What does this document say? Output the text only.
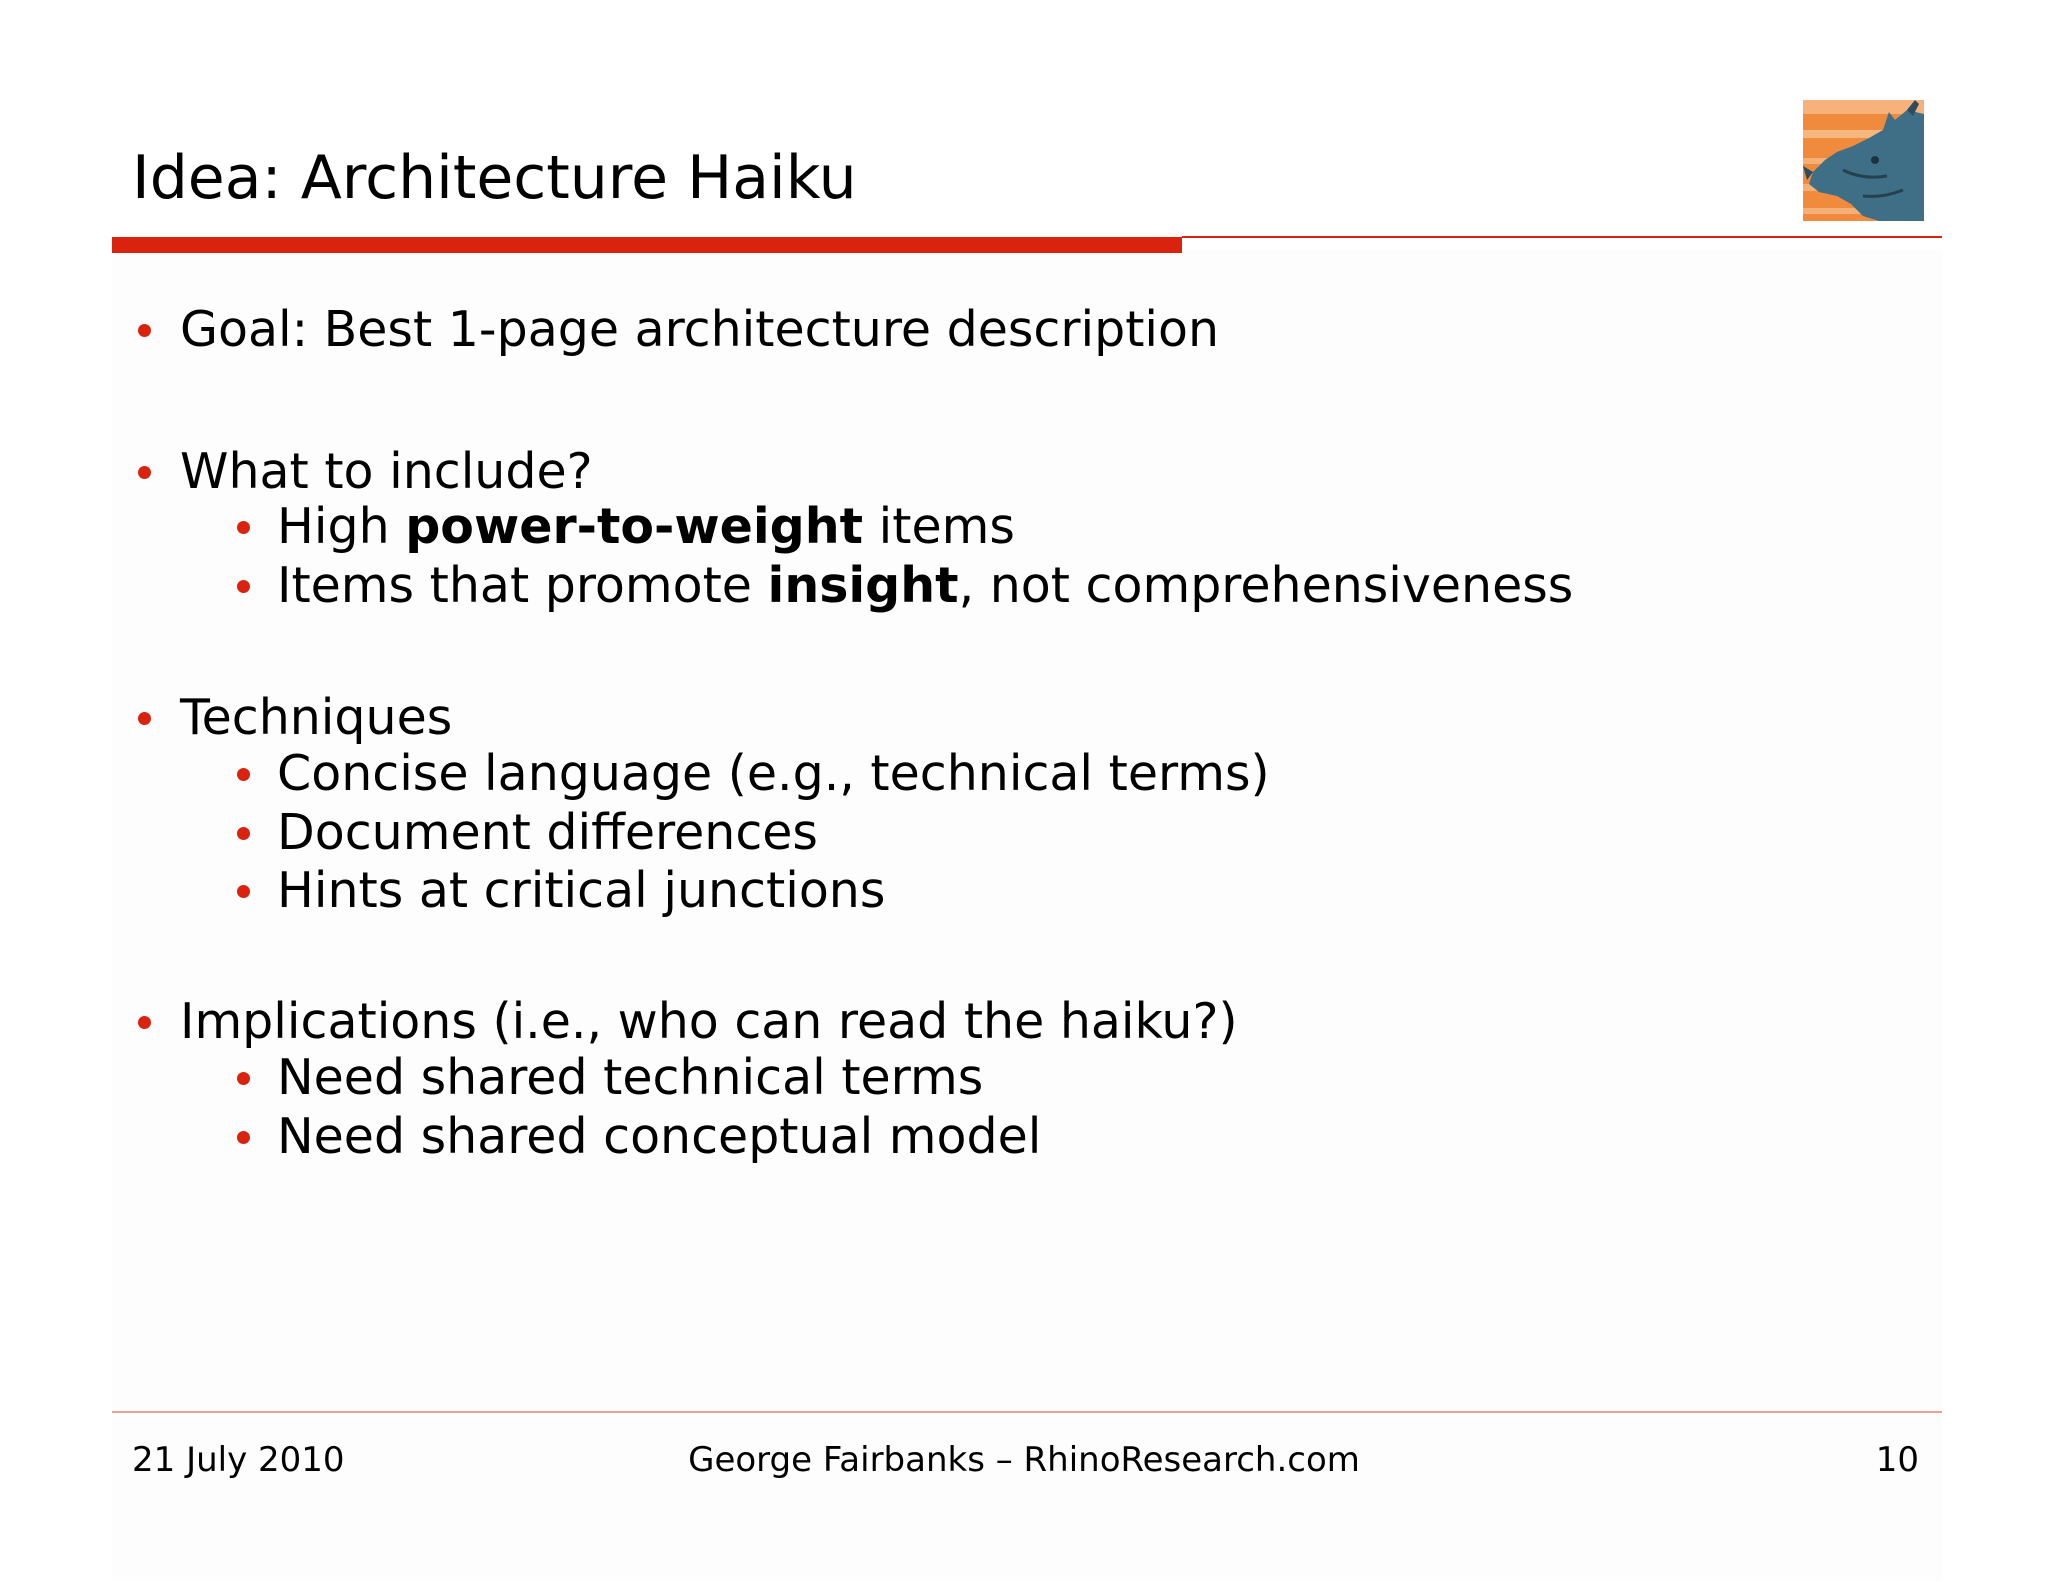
Idea: Architecture Haiku
Goal: Best 1-page architecture description
What to include?
High power-to-weight items
Items that promote insight , not comprehensiveness
Techniques
Concise language (e.g., technical terms)
Document differences
Hints at critical junctions
Implications (i.e., who can read the haiku?)
Need shared technical terms
Need shared conceptual model
21 July 2010	George Fairbanks – RhinoResearch.com	10
